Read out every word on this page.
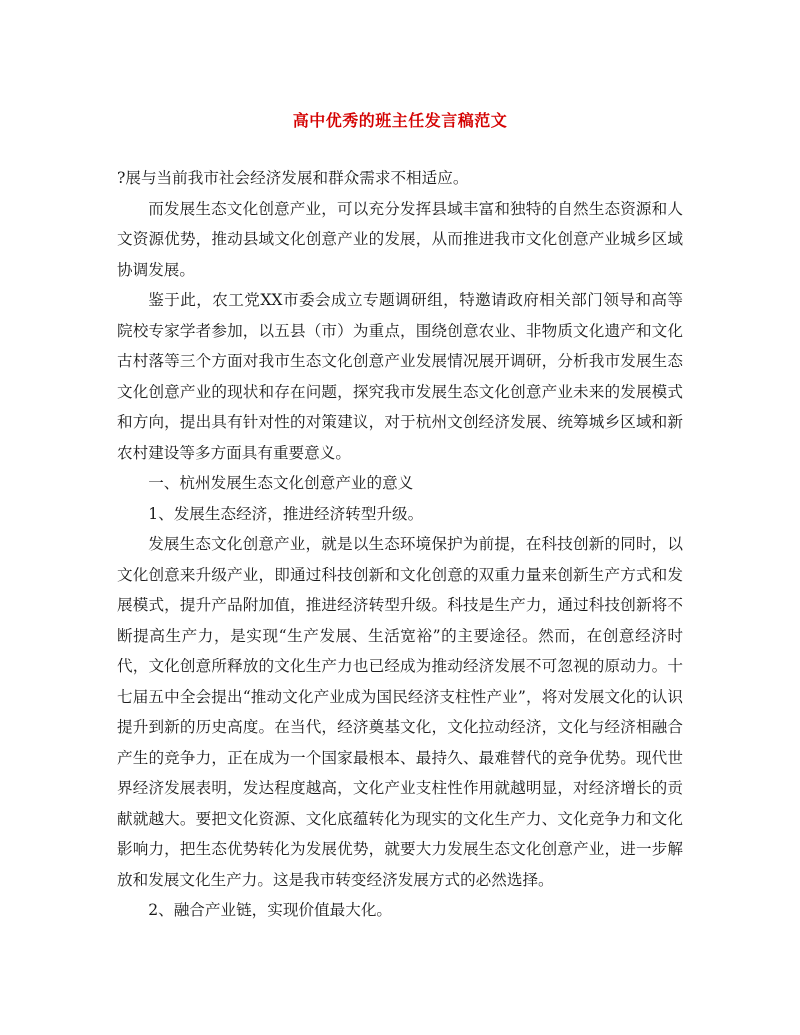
高中优秀的班主任发言稿范文

?展与当前我市社会经济发展和群众需求不相适应。

而发展生态文化创意产业，可以充分发挥县域丰富和独特的自然生态资源和人文资源优势，推动县域文化创意产业的发展，从而推进我市文化创意产业城乡区域协调发展。

鉴于此，农工党XX市委会成立专题调研组，特邀请政府相关部门领导和高等院校专家学者参加，以五县（市）为重点，围绕创意农业、非物质文化遗产和文化古村落等三个方面对我市生态文化创意产业发展情况展开调研，分析我市发展生态文化创意产业的现状和存在问题，探究我市发展生态文化创意产业未来的发展模式和方向，提出具有针对性的对策建议，对于杭州文创经济发展、统筹城乡区域和新农村建设等多方面具有重要意义。

一、杭州发展生态文化创意产业的意义

1、发展生态经济，推进经济转型升级。

发展生态文化创意产业，就是以生态环境保护为前提，在科技创新的同时，以文化创意来升级产业，即通过科技创新和文化创意的双重力量来创新生产方式和发展模式，提升产品附加值，推进经济转型升级。科技是生产力，通过科技创新将不断提高生产力，是实现“生产发展、生活宽裕”的主要途径。然而，在创意经济时代，文化创意所释放的文化生产力也已经成为推动经济发展不可忽视的原动力。十七届五中全会提出“推动文化产业成为国民经济支柱性产业”，将对发展文化的认识提升到新的历史高度。在当代，经济奠基文化，文化拉动经济，文化与经济相融合产生的竞争力，正在成为一个国家最根本、最持久、最难替代的竞争优势。现代世界经济发展表明，发达程度越高，文化产业支柱性作用就越明显，对经济增长的贡献就越大。要把文化资源、文化底蕴转化为现实的文化生产力、文化竞争力和文化影响力，把生态优势转化为发展优势，就要大力发展生态文化创意产业，进一步解放和发展文化生产力。这是我市转变经济发展方式的必然选择。

2、融合产业链，实现价值最大化。
